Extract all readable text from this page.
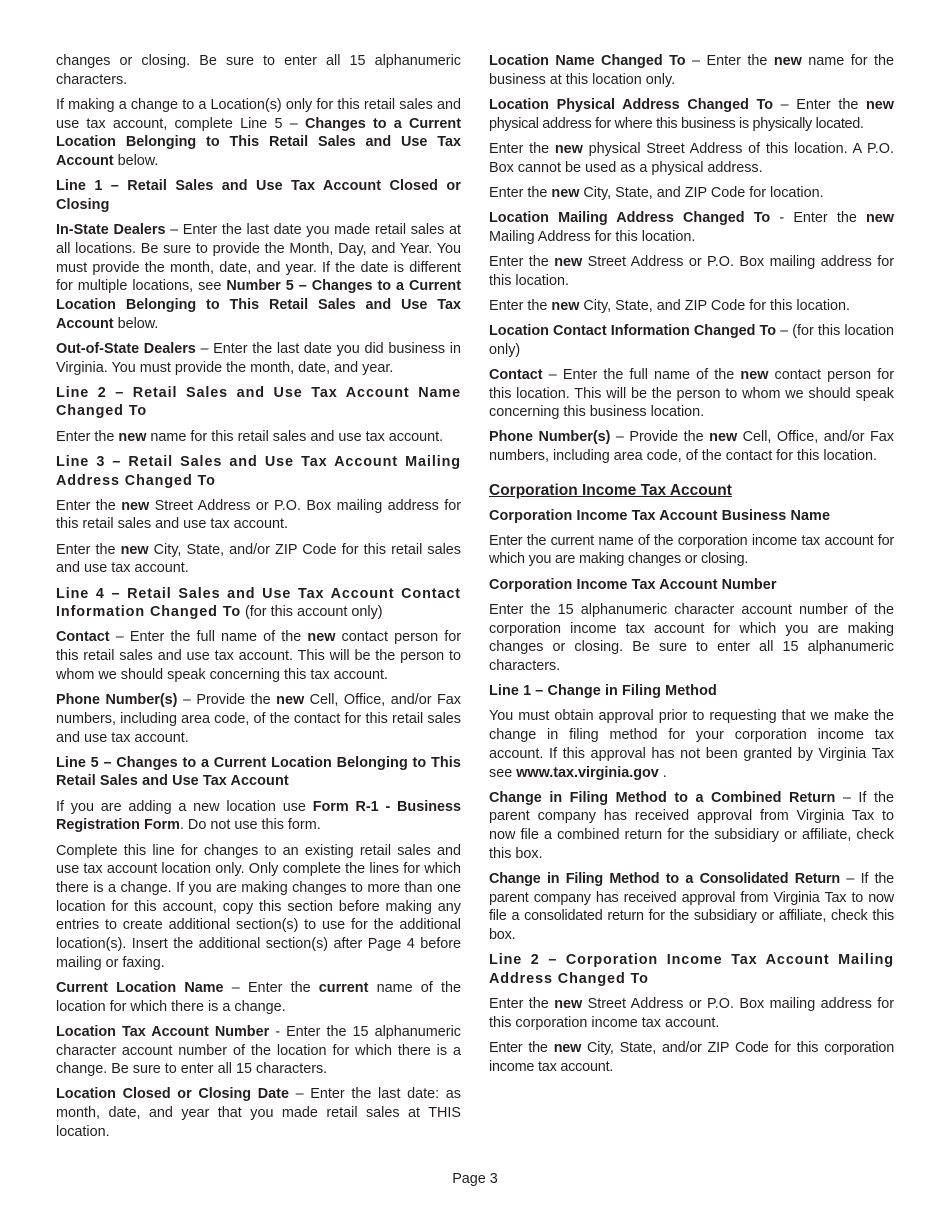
changes or closing. Be sure to enter all 15 alphanumeric characters.

If making a change to a Location(s) only for this retail sales and use tax account, complete Line 5 – Changes to a Current Location Belonging to This Retail Sales and Use Tax Account below.

Line 1 – Retail Sales and Use Tax Account Closed or Closing

In-State Dealers – Enter the last date you made retail sales at all locations. Be sure to provide the Month, Day, and Year. You must provide the month, date, and year. If the date is different for multiple locations, see Number 5 – Changes to a Current Location Belonging to This Retail Sales and Use Tax Account below.

Out-of-State Dealers – Enter the last date you did business in Virginia. You must provide the month, date, and year.

Line 2 – Retail Sales and Use Tax Account Name Changed To

Enter the new name for this retail sales and use tax account.

Line 3 – Retail Sales and Use Tax Account Mailing Address Changed To

Enter the new Street Address or P.O. Box mailing address for this retail sales and use tax account.

Enter the new City, State, and/or ZIP Code for this retail sales and use tax account.

Line 4 – Retail Sales and Use Tax Account Contact Information Changed To (for this account only)

Contact – Enter the full name of the new contact person for this retail sales and use tax account. This will be the person to whom we should speak concerning this tax account.

Phone Number(s) – Provide the new Cell, Office, and/or Fax numbers, including area code, of the contact for this retail sales and use tax account.

Line 5 – Changes to a Current Location Belonging to This Retail Sales and Use Tax Account

If you are adding a new location use Form R-1 - Business Registration Form. Do not use this form.

Complete this line for changes to an existing retail sales and use tax account location only. Only complete the lines for which there is a change. If you are making changes to more than one location for this account, copy this section before making any entries to create additional section(s) to use for the additional location(s). Insert the additional section(s) after Page 4 before mailing or faxing.

Current Location Name – Enter the current name of the location for which there is a change.

Location Tax Account Number - Enter the 15 alphanumeric character account number of the location for which there is a change. Be sure to enter all 15 characters.

Location Closed or Closing Date – Enter the last date: as month, date, and year that you made retail sales at THIS location.

Location Name Changed To – Enter the new name for the business at this location only.

Location Physical Address Changed To – Enter the new physical address for where this business is physically located.

Enter the new physical Street Address of this location. A P.O. Box cannot be used as a physical address.

Enter the new City, State, and ZIP Code for location.

Location Mailing Address Changed To - Enter the new Mailing Address for this location.

Enter the new Street Address or P.O. Box mailing address for this location.

Enter the new City, State, and ZIP Code for this location.

Location Contact Information Changed To – (for this location only)

Contact – Enter the full name of the new contact person for this location. This will be the person to whom we should speak concerning this business location.

Phone Number(s) – Provide the new Cell, Office, and/or Fax numbers, including area code, of the contact for this location.

Corporation Income Tax Account

Corporation Income Tax Account Business Name

Enter the current name of the corporation income tax account for which you are making changes or closing.

Corporation Income Tax Account Number

Enter the 15 alphanumeric character account number of the corporation income tax account for which you are making changes or closing. Be sure to enter all 15 alphanumeric characters.

Line 1 – Change in Filing Method

You must obtain approval prior to requesting that we make the change in filing method for your corporation income tax account. If this approval has not been granted by Virginia Tax see www.tax.virginia.gov .

Change in Filing Method to a Combined Return – If the parent company has received approval from Virginia Tax to now file a combined return for the subsidiary or affiliate, check this box.

Change in Filing Method to a Consolidated Return – If the parent company has received approval from Virginia Tax to now file a consolidated return for the subsidiary or affiliate, check this box.

Line 2 – Corporation Income Tax Account Mailing Address Changed To

Enter the new Street Address or P.O. Box mailing address for this corporation income tax account.

Enter the new City, State, and/or ZIP Code for this corporation income tax account.

Page 3
